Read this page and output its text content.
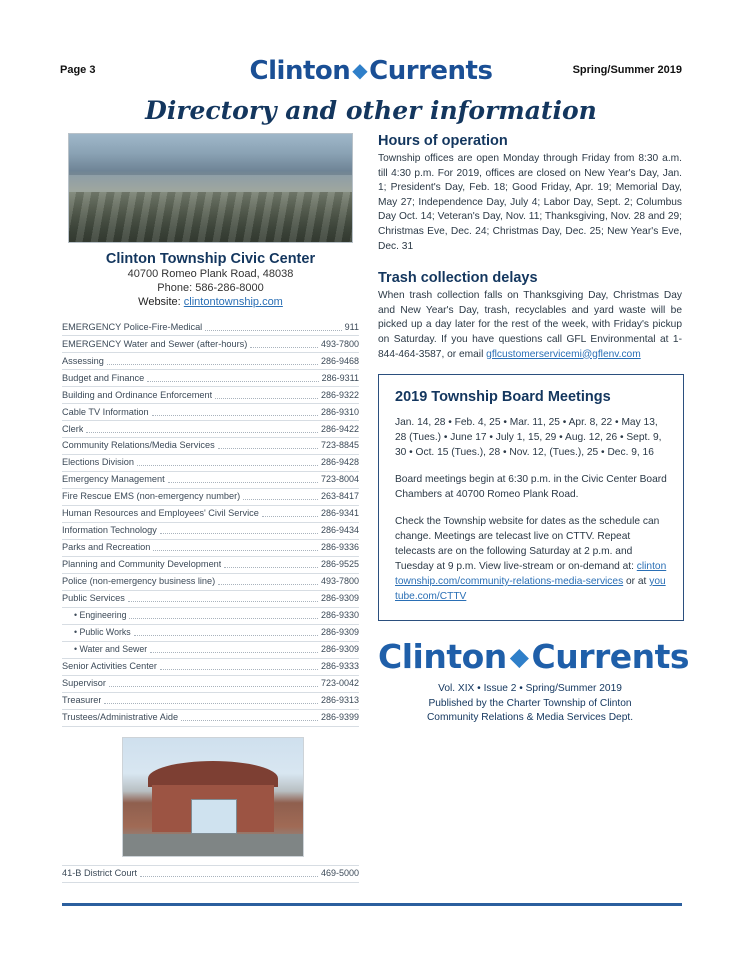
Page 3	Clinton ◆Currents	Spring/Summer 2019
Directory and other information
Clinton Township Civic Center
40700 Romeo Plank Road, 48038
Phone: 586-286-8000
Website: clintontownship.com
EMERGENCY Police-Fire-Medical	911
EMERGENCY Water and Sewer (after-hours)	493-7800
Assessing	286-9468
Budget and Finance	286-9311
Building and Ordinance Enforcement	286-9322
Cable TV Information	286-9310
Clerk	286-9422
Community Relations/Media Services	723-8845
Elections Division	286-9428
Emergency Management	723-8004
Fire Rescue EMS (non-emergency number)	263-8417
Human Resources and Employees' Civil Service	286-9341
Information Technology	286-9434
Parks and Recreation	286-9336
Planning and Community Development	286-9525
Police (non-emergency business line)	493-7800
Public Services	286-9309
• Engineering	286-9330
• Public Works	286-9309
• Water and Sewer	286-9309
Senior Activities Center	286-9333
Supervisor	723-0042
Treasurer	286-9313
Trustees/Administrative Aide	286-9399
41-B District Court	469-5000
Hours of operation
Township offices are open Monday through Friday from 8:30 a.m. till 4:30 p.m. For 2019, offices are closed on New Year's Day, Jan. 1; President's Day, Feb. 18; Good Friday, Apr. 19; Memorial Day, May 27; Independence Day, July 4; Labor Day, Sept. 2; Columbus Day Oct. 14; Veteran's Day, Nov. 11; Thanksgiving, Nov. 28 and 29; Christmas Eve, Dec. 24; Christmas Day, Dec. 25; New Year's Eve, Dec. 31
Trash collection delays
When trash collection falls on Thanksgiving Day, Christmas Day and New Year's Day, trash, recyclables and yard waste will be picked up a day later for the rest of the week, with Friday's pickup on Saturday. If you have questions call GFL Environmental at 1-844-464-3587, or email gflcustomerservicemi@gflenv.com
2019 Township Board Meetings

Jan. 14, 28 • Feb. 4, 25 • Mar. 11, 25 • Apr. 8, 22 • May 13, 28 (Tues.) • June 17 • July 1, 15, 29 • Aug. 12, 26 • Sept. 9, 30 • Oct. 15 (Tues.), 28 • Nov. 12, (Tues.), 25 • Dec. 9, 16

Board meetings begin at 6:30 p.m. in the Civic Center Board Chambers at 40700 Romeo Plank Road.

Check the Township website for dates as the schedule can change. Meetings are telecast live on CTTV. Repeat telecasts are on the following Saturday at 2 p.m. and Tuesday at 9 p.m. View live-stream or on-demand at: clintontownship.com/community-relations-media-services or at youtube.com/CTTV

Clinton ◆Currents
Vol. XIX • Issue 2 • Spring/Summer 2019
Published by the Charter Township of Clinton
Community Relations & Media Services Dept.
